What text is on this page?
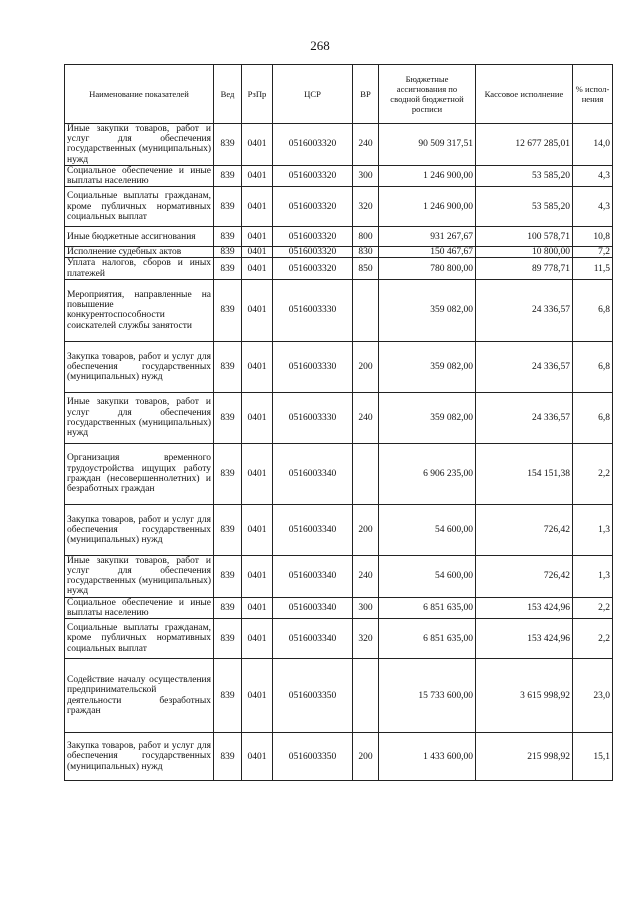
268
Наименование показателей	Вед	РзПр	ЦСР	ВР	Бюджетные ассигнования по сводной бюджетной росписи	Кассовое исполнение	% испол-нения
Иные закупки товаров, работ и услуг для обеспечения государственных (муниципальных) нужд	839	0401	0516003320	240	90 509 317,51	12 677 285,01	14,0
Социальное обеспечение и иные выплаты населению	839	0401	0516003320	300	1 246 900,00	53 585,20	4,3
Социальные выплаты гражданам, кроме публичных нормативных социальных выплат	839	0401	0516003320	320	1 246 900,00	53 585,20	4,3
Иные бюджетные ассигнования	839	0401	0516003320	800	931 267,67	100 578,71	10,8
Исполнение судебных актов	839	0401	0516003320	830	150 467,67	10 800,00	7,2
Уплата налогов, сборов и иных платежей	839	0401	0516003320	850	780 800,00	89 778,71	11,5
Мероприятия, направленные на повышение конкурентоспособности соискателей службы занятости	839	0401	0516003330		359 082,00	24 336,57	6,8
Закупка товаров, работ и услуг для обеспечения государственных (муниципальных) нужд	839	0401	0516003330	200	359 082,00	24 336,57	6,8
Иные закупки товаров, работ и услуг для обеспечения государственных (муниципальных) нужд	839	0401	0516003330	240	359 082,00	24 336,57	6,8
Организация временного трудоустройства ищущих работу граждан (несовершеннолетних) и безработных граждан	839	0401	0516003340		6 906 235,00	154 151,38	2,2
Закупка товаров, работ и услуг для обеспечения государственных (муниципальных) нужд	839	0401	0516003340	200	54 600,00	726,42	1,3
Иные закупки товаров, работ и услуг для обеспечения государственных (муниципальных) нужд	839	0401	0516003340	240	54 600,00	726,42	1,3
Социальное обеспечение и иные выплаты населению	839	0401	0516003340	300	6 851 635,00	153 424,96	2,2
Социальные выплаты гражданам, кроме публичных нормативных социальных выплат	839	0401	0516003340	320	6 851 635,00	153 424,96	2,2
Содействие началу осуществления предпринимательской деятельности безработных граждан	839	0401	0516003350		15 733 600,00	3 615 998,92	23,0
Закупка товаров, работ и услуг для обеспечения государственных (муниципальных) нужд	839	0401	0516003350	200	1 433 600,00	215 998,92	15,1
